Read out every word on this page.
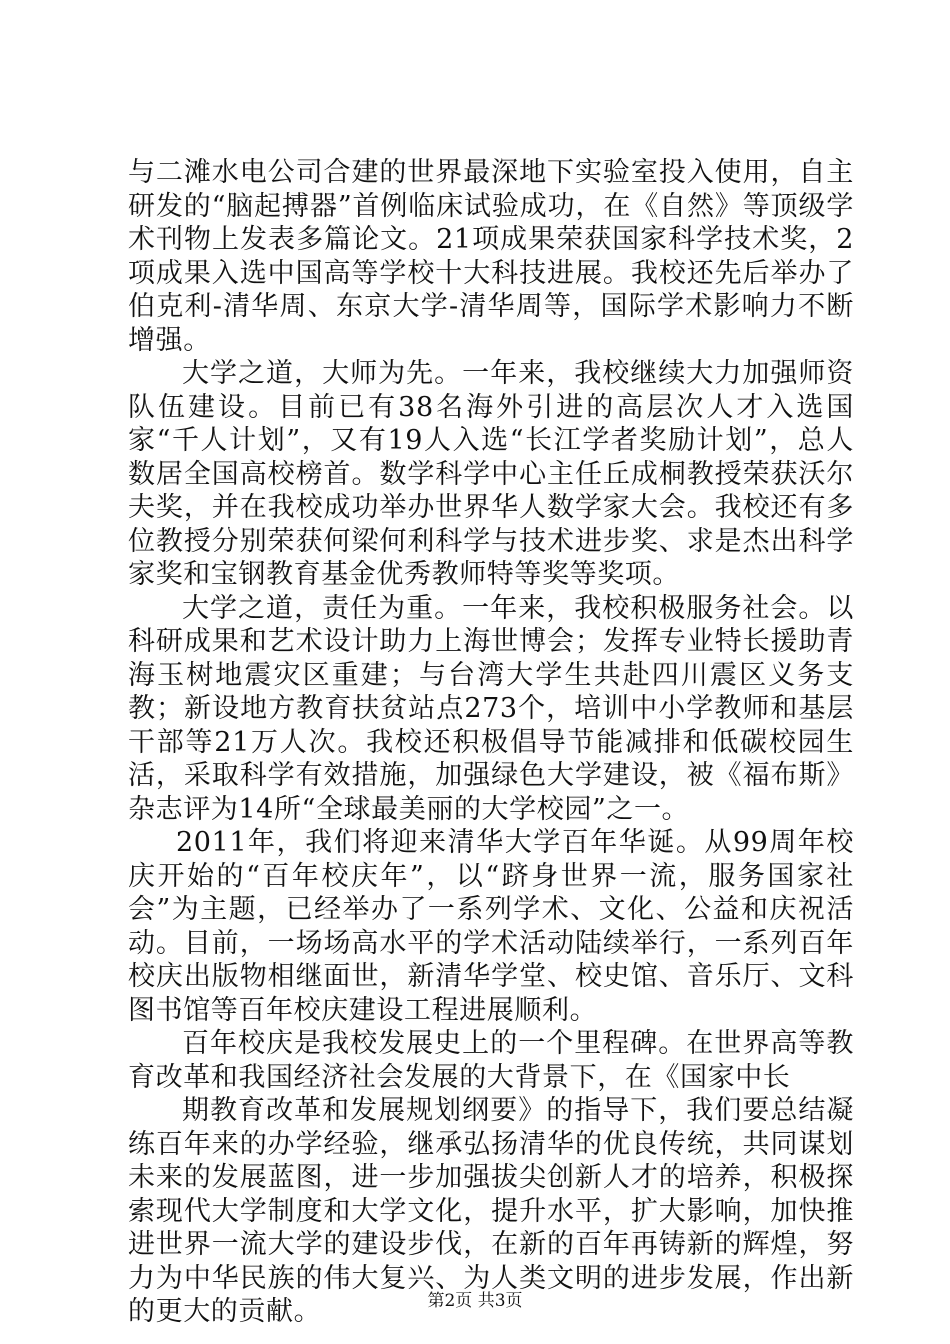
与二滩水电公司合建的世界最深地下实验室投入使用，自主研发的“脑起搏器”首例临床试验成功，在《自然》等顶级学术刊物上发表多篇论文。21项成果荣获国家科学技术奖，2项成果入选中国高等学校十大科技进展。我校还先后举办了伯克利-清华周、东京大学-清华周等，国际学术影响力不断增强。

大学之道，大师为先。一年来，我校继续大力加强师资队伍建设。目前已有38名海外引进的高层次人才入选国家“千人计划”，又有19人入选“长江学者奖励计划”，总人数居全国高校榜首。数学科学中心主任丘成桐教授荣获沃尔夫奖，并在我校成功举办世界华人数学家大会。我校还有多位教授分别荣获何梁何利科学与技术进步奖、求是杰出科学家奖和宝钢教育基金优秀教师特等奖等奖项。

大学之道，责任为重。一年来，我校积极服务社会。以科研成果和艺术设计助力上海世博会；发挥专业特长援助青海玉树地震灾区重建；与台湾大学生共赴四川震区义务支教；新设地方教育扶贫站点273个，培训中小学教师和基层干部等21万人次。我校还积极倡导节能减排和低碳校园生活，采取科学有效措施，加强绿色大学建设，被《福布斯》杂志评为14所“全球最美丽的大学校园”之一。

2011年，我们将迎来清华大学百年华诞。从99周年校庆开始的“百年校庆年”，以“跻身世界一流，服务国家社会”为主题，已经举办了一系列学术、文化、公益和庆祝活动。目前，一场场高水平的学术活动陆续举行，一系列百年校庆出版物相继面世，新清华学堂、校史馆、音乐厅、文科图书馆等百年校庆建设工程进展顺利。

百年校庆是我校发展史上的一个里程碑。在世界高等教育改革和我国经济社会发展的大背景下，在《国家中长

期教育改革和发展规划纲要》的指导下，我们要总结凝练百年来的办学经验，继承弘扬清华的优良传统，共同谋划未来的发展蓝图，进一步加强拔尖创新人才的培养，积极探索现代大学制度和大学文化，提升水平，扩大影响，加快推进世界一流大学的建设步伐，在新的百年再铸新的辉煌，努力为中华民族的伟大复兴、为人类文明的进步发展，作出新的更大的贡献。	第2页 共3页
